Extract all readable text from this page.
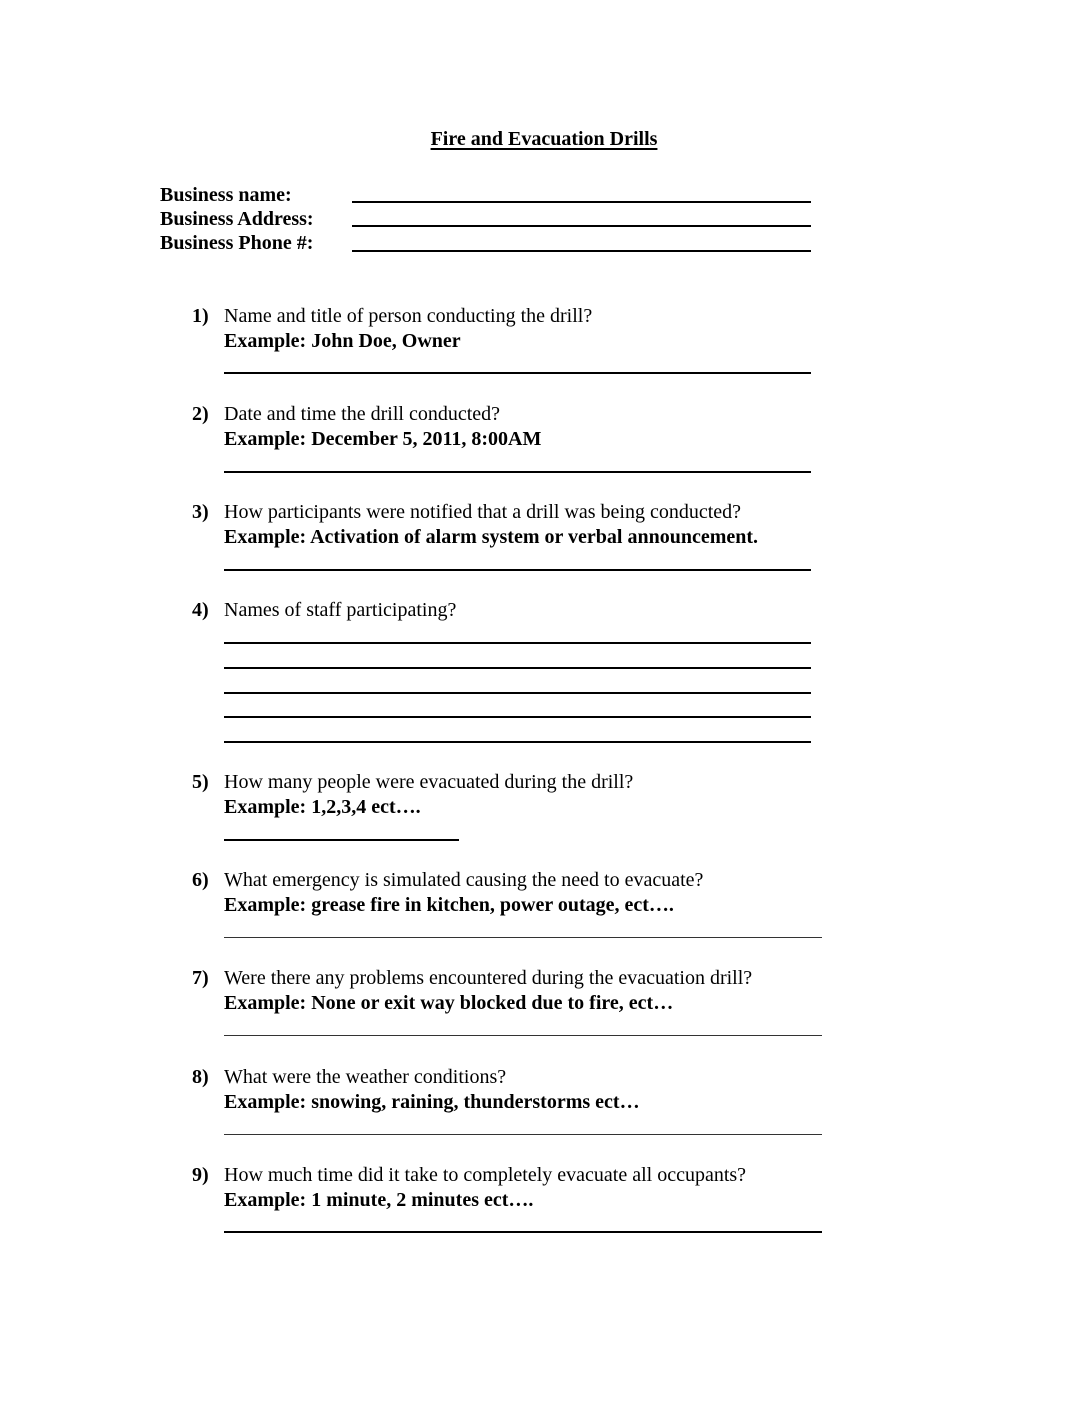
Fire and Evacuation Drills
Business name:
Business Address:
Business Phone #:
1) Name and title of person conducting the drill?
Example: John Doe, Owner
2) Date and time the drill conducted?
Example: December 5, 2011, 8:00AM
3) How participants were notified that a drill was being conducted?
Example: Activation of alarm system or verbal announcement.
4) Names of staff participating?
5) How many people were evacuated during the drill?
Example: 1,2,3,4 ect….
6) What emergency is simulated causing the need to evacuate?
Example: grease fire in kitchen, power outage, ect….
7) Were there any problems encountered during the evacuation drill?
Example: None or exit way blocked due to fire, ect…
8) What were the weather conditions?
Example: snowing, raining, thunderstorms ect…
9) How much time did it take to completely evacuate all occupants?
Example: 1 minute, 2 minutes ect….
